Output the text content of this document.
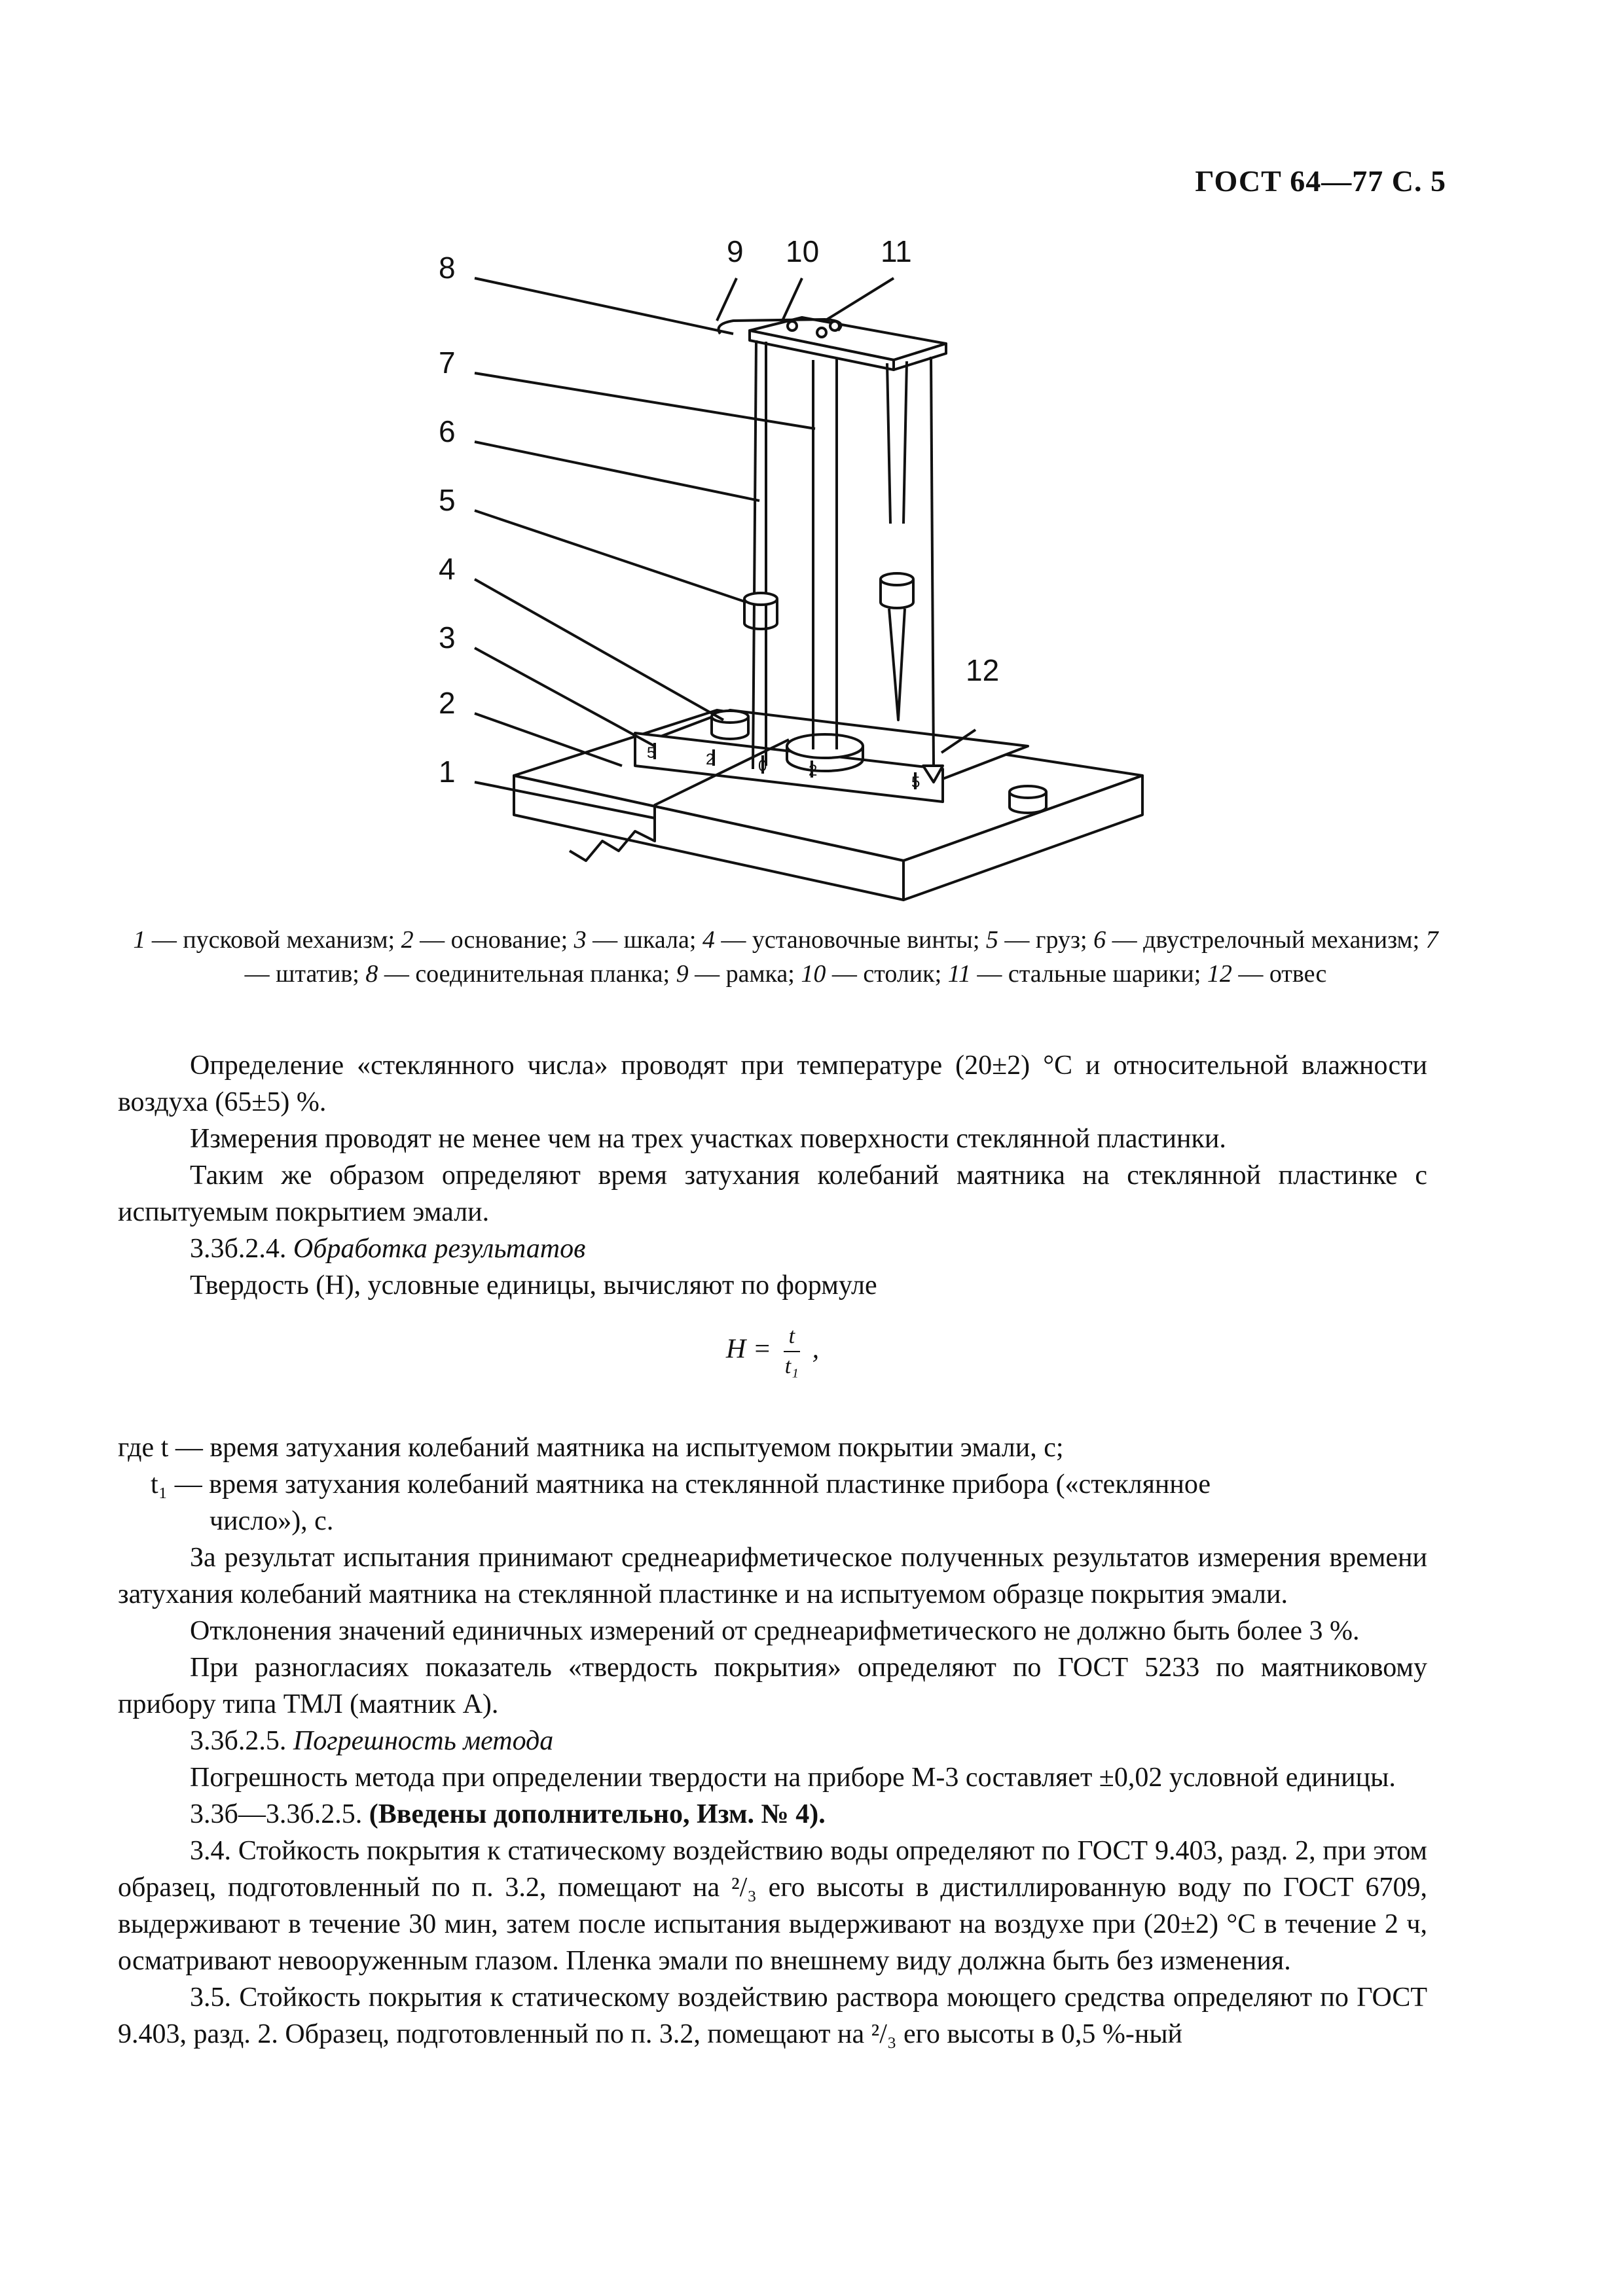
ГОСТ 64—77 С. 5
8	9 10 11
7
6
5
4
3
2
1
12
5	2	0	2
5
1 — пусковой механизм; 2 — основание; 3 — шкала; 4 — установочные винты; 5 — груз; 6 — двустрелочный механизм; 7 — штатив; 8 — соединительная планка; 9 — рамка; 10 — столик; 11 — стальные шарики; 12 — отвес

Определение «стеклянного числа» проводят при температуре (20±2) °С и относительной влажности воздуха (65±5) %.

Измерения проводят не менее чем на трех участках поверхности стеклянной пластинки.

Таким же образом определяют время затухания колебаний маятника на стеклянной пластинке с испытуемым покрытием эмали.

3.3б.2.4. Обработка результатов

Твердость (Н), условные единицы, вычисляют по формуле

$H = \frac{t}{\text{t₁}}$ ,
где t — время затухания колебаний маятника на испытуемом покрытии эмали, с;
t₁ — время затухания колебаний маятника на стеклянной пластинке прибора («стеклянное
число»), с.

За результат испытания принимают среднеарифметическое полученных результатов измерения времени затухания колебаний маятника на стеклянной пластинке и на испытуемом образце покрытия эмали.

Отклонения значений единичных измерений от среднеарифметического не должно быть более 3 %.

При разногласиях показатель «твердость покрытия» определяют по ГОСТ 5233 по маятниковому прибору типа ТМЛ (маятник А).

3.3б.2.5. Погрешность метода

Погрешность метода при определении твердости на приборе М-3 составляет ±0,02 условной единицы.

3.3б—3.3б.2.5. (Введены дополнительно, Изм. № 4).

3.4. Стойкость покрытия к статическому воздействию воды определяют по ГОСТ 9.403, разд. 2, при этом образец, подготовленный по п. 3.2, помещают на ²/₃ его высоты в дистиллированную воду по ГОСТ 6709, выдерживают в течение 30 мин, затем после испытания выдерживают на воздухе при (20±2) °С в течение 2 ч, осматривают невооруженным глазом. Пленка эмали по внешнему виду должна быть без изменения.

3.5. Стойкость покрытия к статическому воздействию раствора моющего средства определяют по ГОСТ 9.403, разд. 2. Образец, подготовленный по п. 3.2, помещают на ²/₃ его высоты в 0,5 %-ный
